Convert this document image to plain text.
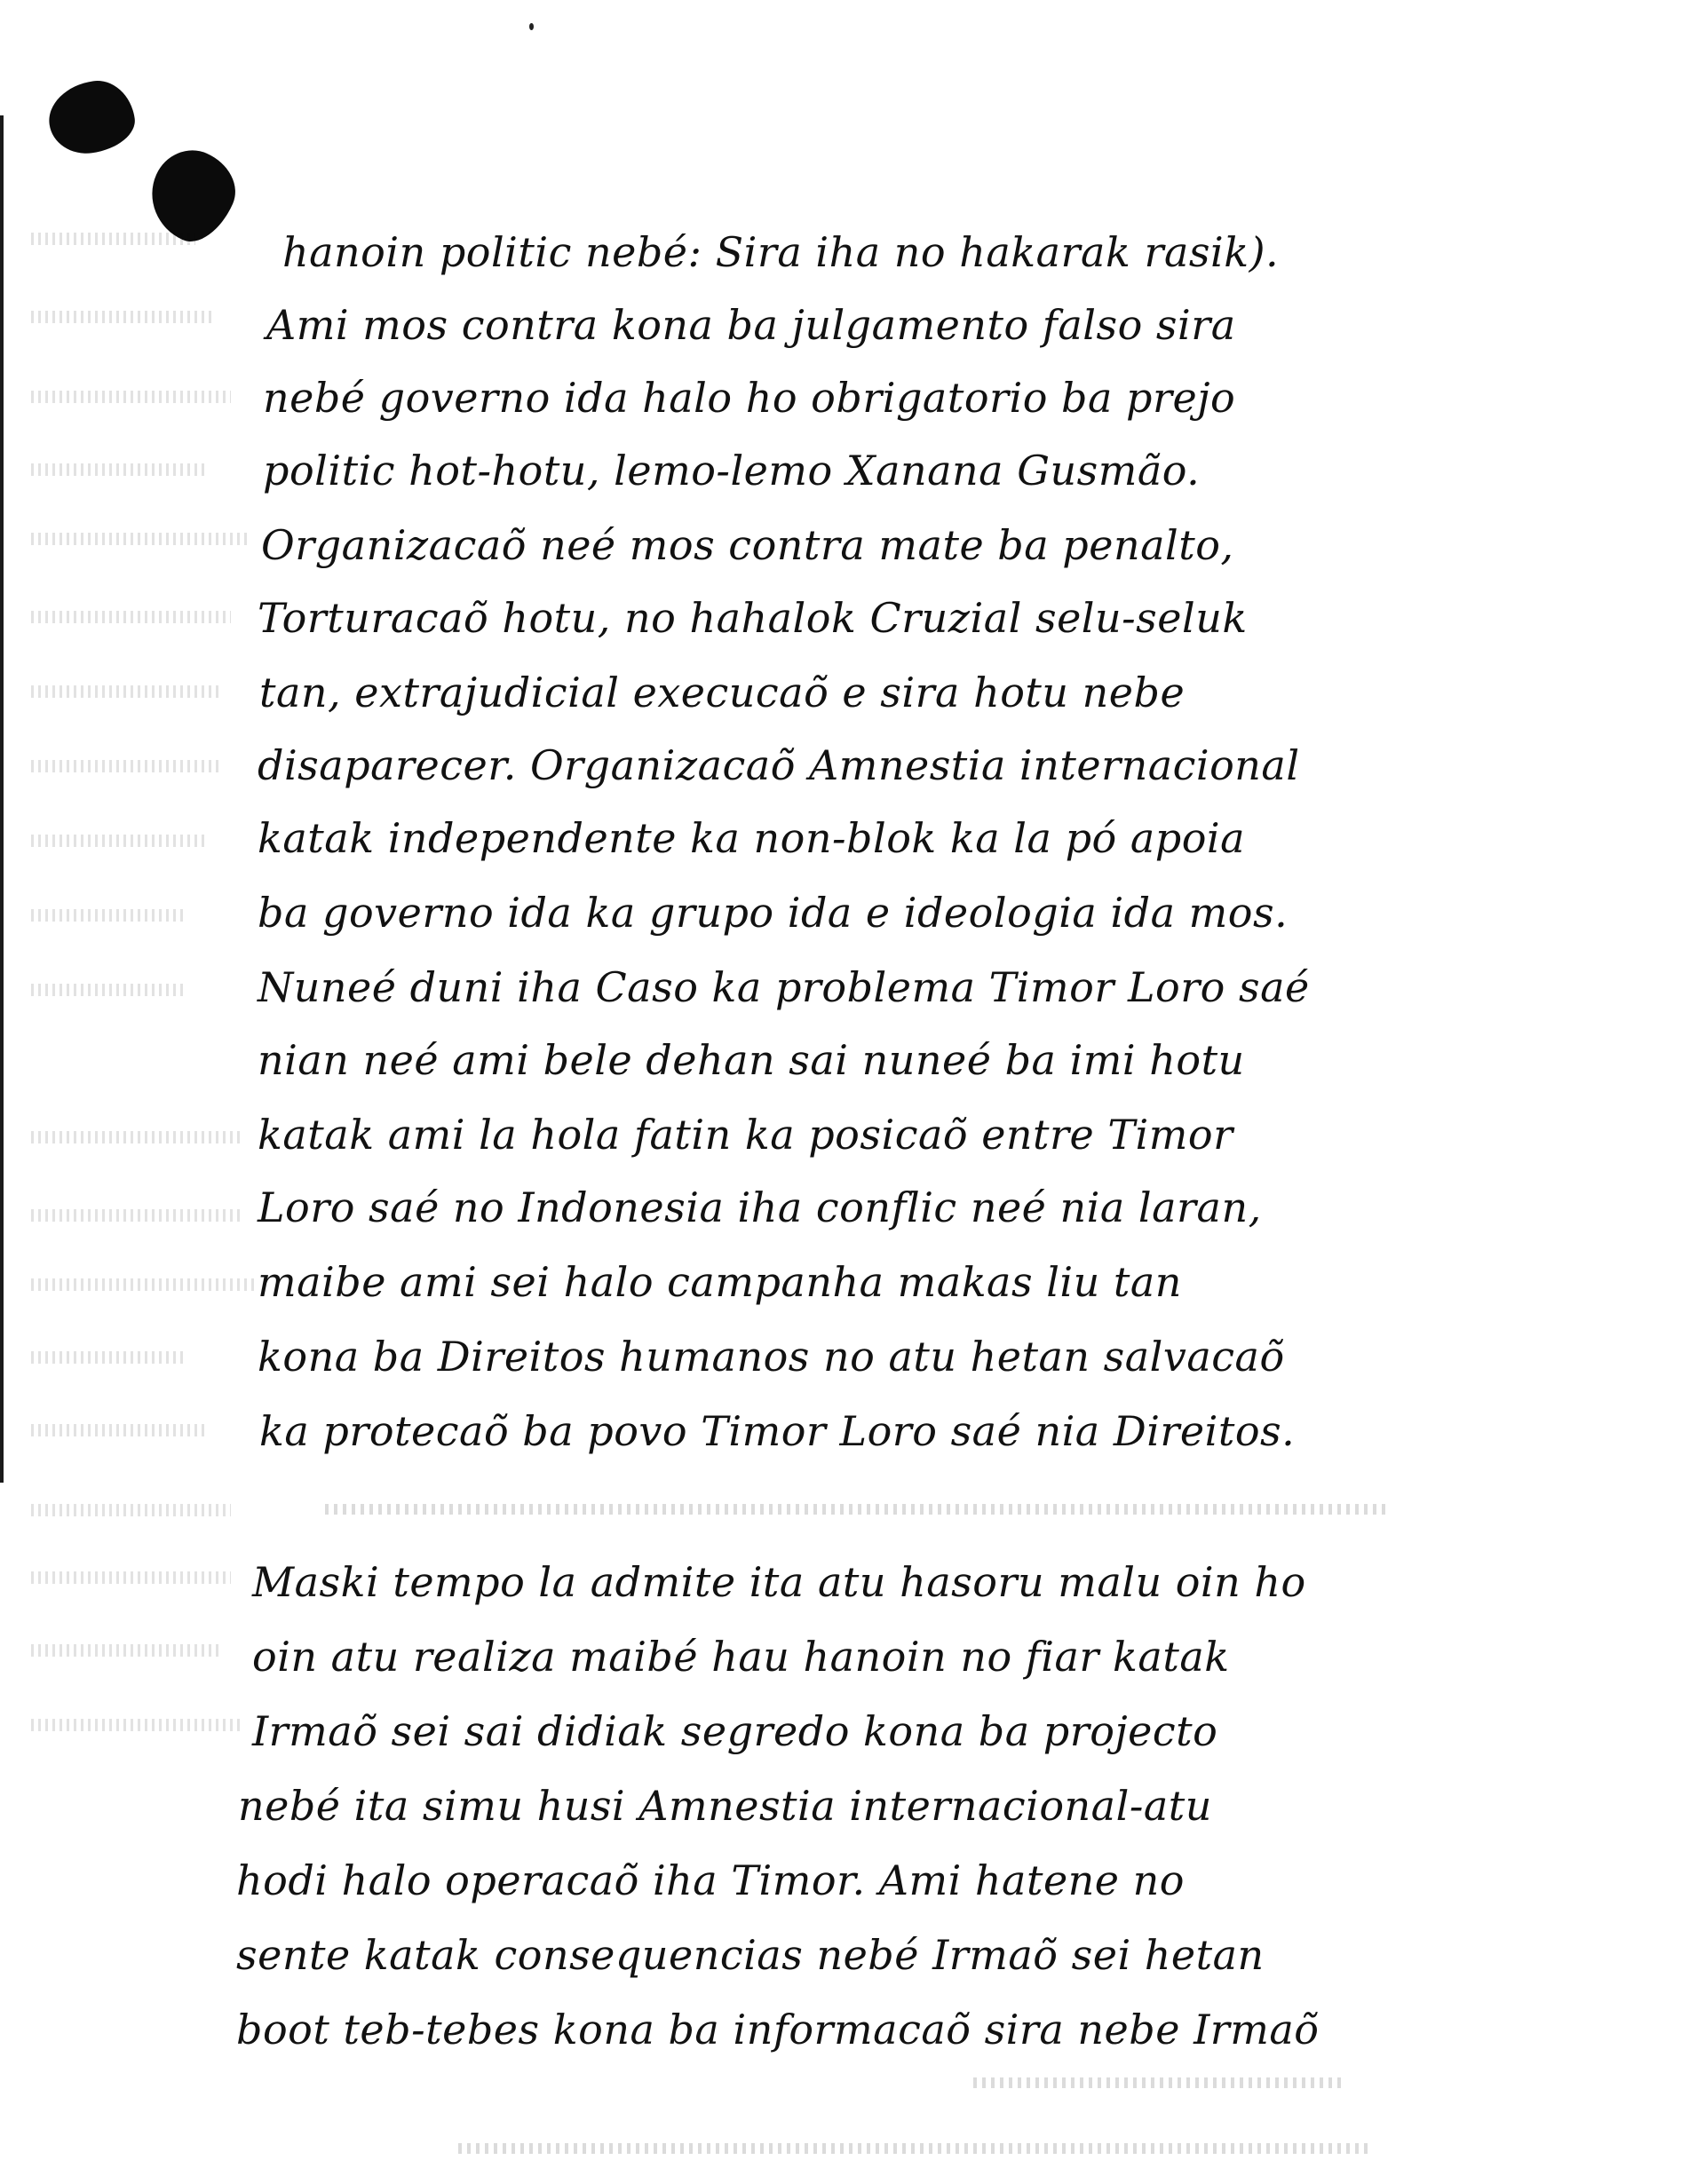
hanoin politic nebé: Sira iha no hakarak rasik).

Ami mos contra kona ba julgamento falso sira

nebé governo ida halo ho obrigatorio ba prejo

politic hot-hotu, lemo-lemo Xanana Gusmão.

Organizacaõ neé mos contra mate ba penalto,

Torturacaõ hotu, no hahalok Cruzial selu-seluk

tan, extrajudicial execucaõ e sira hotu nebe

disaparecer. Organizacaõ Amnestia internacional

katak independente ka non-blok ka la pó apoia

ba governo ida ka grupo ida e ideologia ida mos.

Nuneé duni iha Caso ka problema Timor Loro saé

nian neé ami bele dehan sai nuneé ba imi hotu

katak ami la hola fatin ka posicaõ entre Timor

Loro saé no Indonesia iha conflic neé nia laran,

maibe ami sei halo campanha makas liu tan

kona ba Direitos humanos no atu hetan salvacaõ

ka protecaõ ba povo Timor Loro saé nia Direitos.

Maski tempo la admite ita atu hasoru malu oin ho

oin atu realiza maibé hau hanoin no fiar katak

Irmaõ sei sai didiak segredo kona ba projecto

nebé ita simu husi Amnestia internacional-atu

hodi halo operacaõ iha Timor. Ami hatene no

sente katak consequencias nebé Irmaõ sei hetan

boot teb-tebes kona ba informacaõ sira nebe Irmaõ
